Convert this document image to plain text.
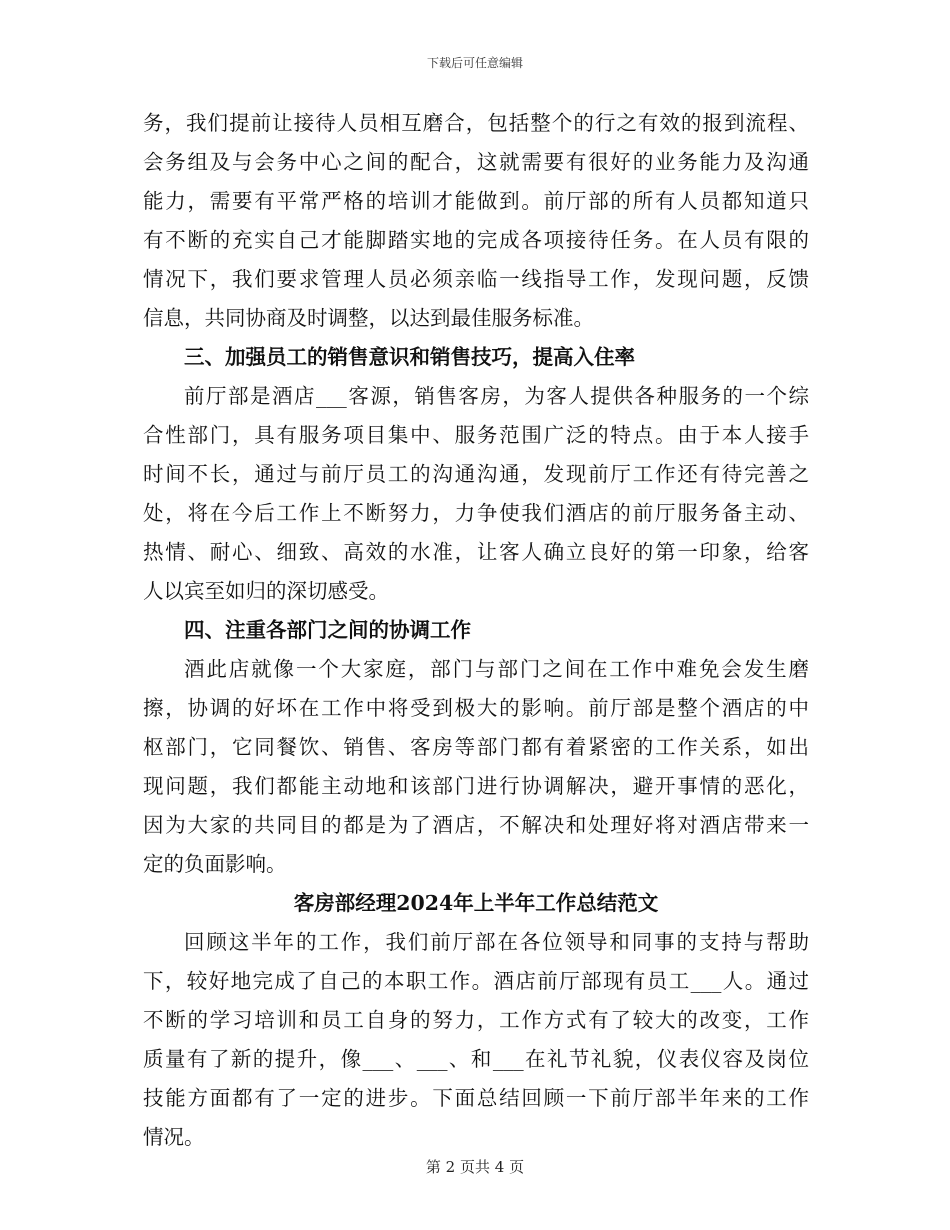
下载后可任意编辑
务，我们提前让接待人员相互磨合，包括整个的行之有效的报到流程、
会务组及与会务中心之间的配合，这就需要有很好的业务能力及沟通
能力，需要有平常严格的培训才能做到。前厅部的所有人员都知道只
有不断的充实自己才能脚踏实地的完成各项接待任务。在人员有限的
情况下，我们要求管理人员必须亲临一线指导工作，发现问题，反馈
信息，共同协商及时调整，以达到最佳服务标准。
三、加强员工的销售意识和销售技巧，提高入住率
前厅部是酒店___客源，销售客房，为客人提供各种服务的一个综
合性部门，具有服务项目集中、服务范围广泛的特点。由于本人接手
时间不长，通过与前厅员工的沟通沟通，发现前厅工作还有待完善之
处，将在今后工作上不断努力，力争使我们酒店的前厅服务备主动、
热情、耐心、细致、高效的水准，让客人确立良好的第一印象，给客
人以宾至如归的深切感受。
四、注重各部门之间的协调工作
酒此店就像一个大家庭，部门与部门之间在工作中难免会发生磨
擦，协调的好坏在工作中将受到极大的影响。前厅部是整个酒店的中
枢部门，它同餐饮、销售、客房等部门都有着紧密的工作关系，如出
现问题，我们都能主动地和该部门进行协调解决，避开事情的恶化，
因为大家的共同目的都是为了酒店，不解决和处理好将对酒店带来一
定的负面影响。
客房部经理2024年上半年工作总结范文
回顾这半年的工作，我们前厅部在各位领导和同事的支持与帮助
下，较好地完成了自己的本职工作。酒店前厅部现有员工___人。通过
不断的学习培训和员工自身的努力，工作方式有了较大的改变，工作
质量有了新的提升，像___、___、和___在礼节礼貌，仪表仪容及岗位
技能方面都有了一定的进步。下面总结回顾一下前厅部半年来的工作
情况。
第 2 页共 4 页
